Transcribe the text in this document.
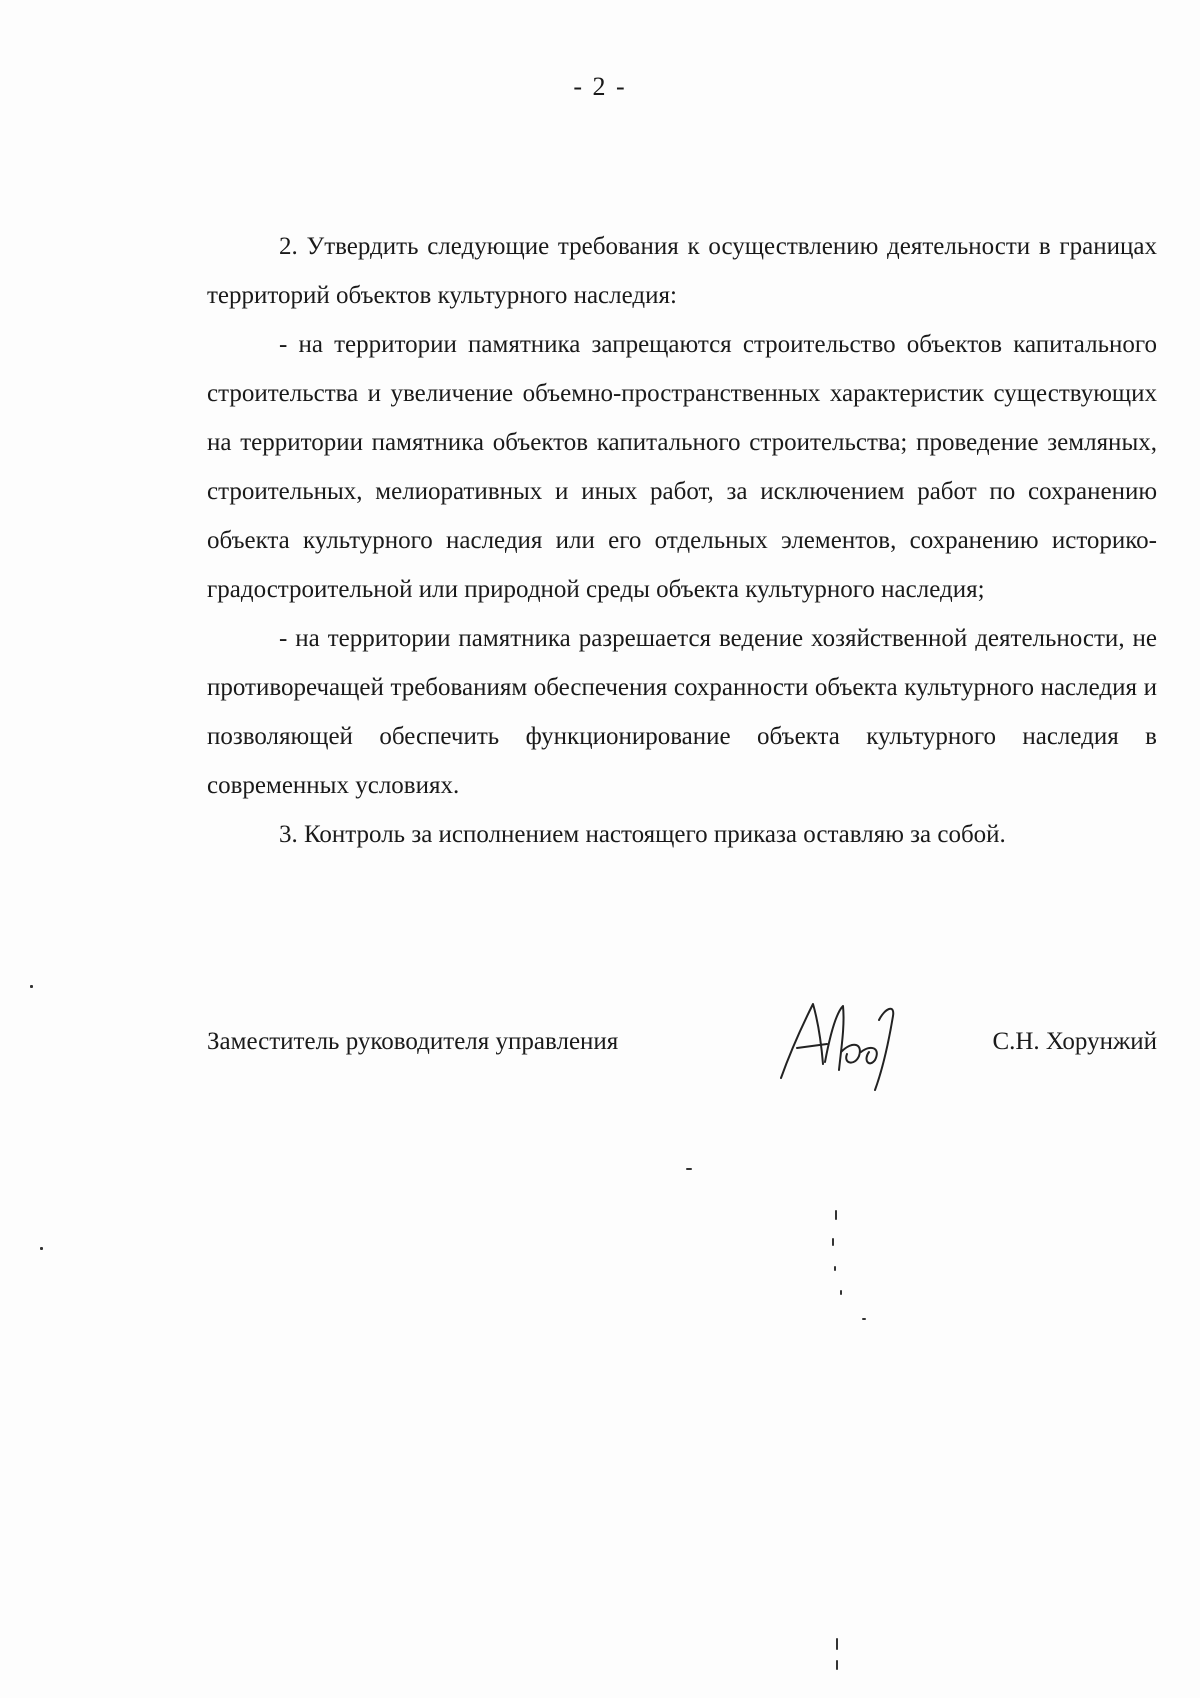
- 2 -

2. Утвердить следующие требования к осуществлению деятельности в границах территорий объектов культурного наследия:

- на территории памятника запрещаются строительство объектов капитального строительства и увеличение объемно-пространственных характеристик существующих на территории памятника объектов капитального строительства; проведение земляных, строительных, мелиоративных и иных работ, за исключением работ по сохранению объекта культурного наследия или его отдельных элементов, сохранению историко-градостроительной или природной среды объекта культурного наследия;

- на территории памятника разрешается ведение хозяйственной деятельности, не противоречащей требованиям обеспечения сохранности объекта культурного наследия и позволяющей обеспечить функционирование объекта культурного наследия в современных условиях.

3. Контроль за исполнением настоящего приказа оставляю за собой.

Заместитель руководителя управления	С.Н. Хорунжий
